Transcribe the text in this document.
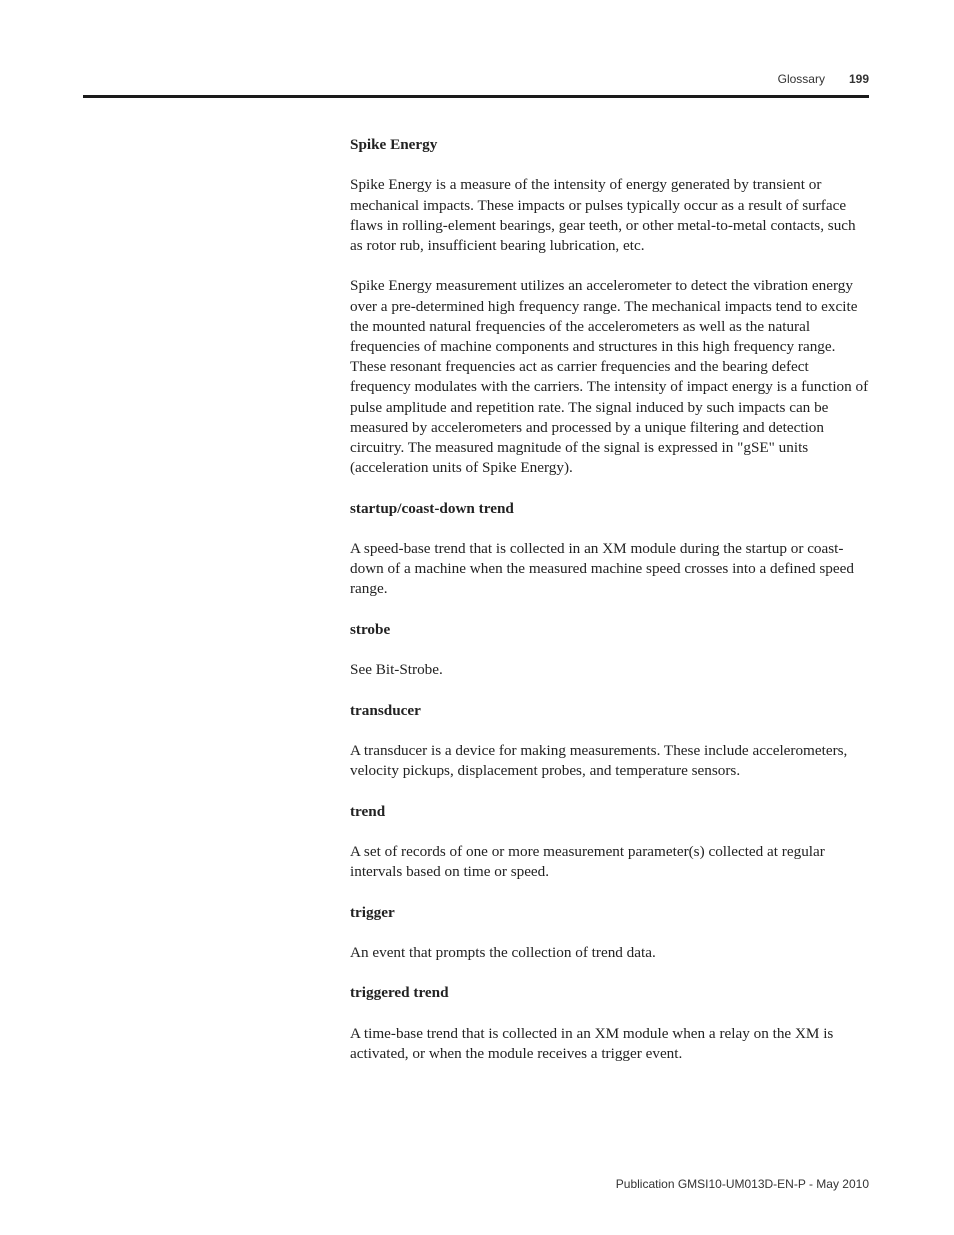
Glossary 199

Spike Energy

Spike Energy is a measure of the intensity of energy generated by transient or mechanical impacts. These impacts or pulses typically occur as a result of surface flaws in rolling-element bearings, gear teeth, or other metal-to-metal contacts, such as rotor rub, insufficient bearing lubrication, etc.

Spike Energy measurement utilizes an accelerometer to detect the vibration energy over a pre-determined high frequency range. The mechanical impacts tend to excite the mounted natural frequencies of the accelerometers as well as the natural frequencies of machine components and structures in this high frequency range. These resonant frequencies act as carrier frequencies and the bearing defect frequency modulates with the carriers. The intensity of impact energy is a function of pulse amplitude and repetition rate. The signal induced by such impacts can be measured by accelerometers and processed by a unique filtering and detection circuitry. The measured magnitude of the signal is expressed in "gSE" units (acceleration units of Spike Energy).

startup/coast-down trend

A speed-base trend that is collected in an XM module during the startup or coast-down of a machine when the measured machine speed crosses into a defined speed range.

strobe

See Bit-Strobe.

transducer

A transducer is a device for making measurements. These include accelerometers, velocity pickups, displacement probes, and temperature sensors.

trend

A set of records of one or more measurement parameter(s) collected at regular intervals based on time or speed.

trigger

An event that prompts the collection of trend data.

triggered trend

A time-base trend that is collected in an XM module when a relay on the XM is activated, or when the module receives a trigger event.

Publication GMSI10-UM013D-EN-P - May 2010
